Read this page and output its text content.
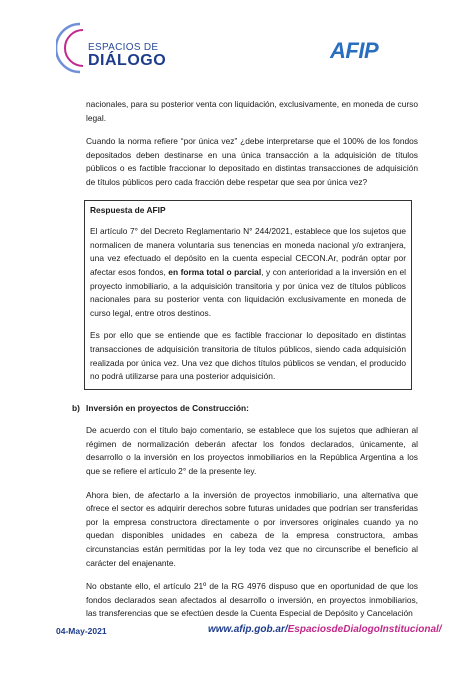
ESPACIOS DE
DIÁLOGO	AFIP

nacionales, para su posterior venta con liquidación, exclusivamente, en moneda de curso legal.

Cuando la norma refiere “por única vez” ¿debe interpretarse que el 100% de los fondos depositados deben destinarse en una única transacción a la adquisición de títulos públicos o es factible fraccionar lo depositado en distintas transacciones de adquisición de títulos públicos pero cada fracción debe respetar que sea por única vez?

Respuesta de AFIP

El artículo 7° del Decreto Reglamentario N° 244/2021, establece que los sujetos que normalicen de manera voluntaria sus tenencias en moneda nacional y/o extranjera, una vez efectuado el depósito en la cuenta especial CECON.Ar, podrán optar por afectar esos fondos, en forma total o parcial, y con anterioridad a la inversión en el proyecto inmobiliario, a la adquisición transitoria y por única vez de títulos públicos nacionales para su posterior venta con liquidación exclusivamente en moneda de curso legal, entre otros destinos.

Es por ello que se entiende que es factible fraccionar lo depositado en distintas transacciones de adquisición transitoria de títulos públicos, siendo cada adquisición realizada por única vez. Una vez que dichos títulos públicos se vendan, el producido no podrá utilizarse para una posterior adquisición.

b) Inversión en proyectos de Construcción:

De acuerdo con el título bajo comentario, se establece que los sujetos que adhieran al régimen de normalización deberán afectar los fondos declarados, únicamente, al desarrollo o la inversión en los proyectos inmobiliarios en la República Argentina a los que se refiere el artículo 2° de la presente ley.

Ahora bien, de afectarlo a la inversión de proyectos inmobiliario, una alternativa que ofrece el sector es adquirir derechos sobre futuras unidades que podrían ser transferidas por la empresa constructora directamente o por inversores originales cuando ya no quedan disponibles unidades en cabeza de la empresa constructora, ambas circunstancias están permitidas por la ley toda vez que no circunscribe el beneficio al carácter del enajenante.

No obstante ello, el artículo 21º de la RG 4976 dispuso que en oportunidad de que los fondos declarados sean afectados al desarrollo o inversión, en proyectos inmobiliarios, las transferencias que se efectúen desde la Cuenta Especial de Depósito y Cancelación

04-May-2021	www.afip.gob.ar/EspaciosdeDialogoInstitucional/
